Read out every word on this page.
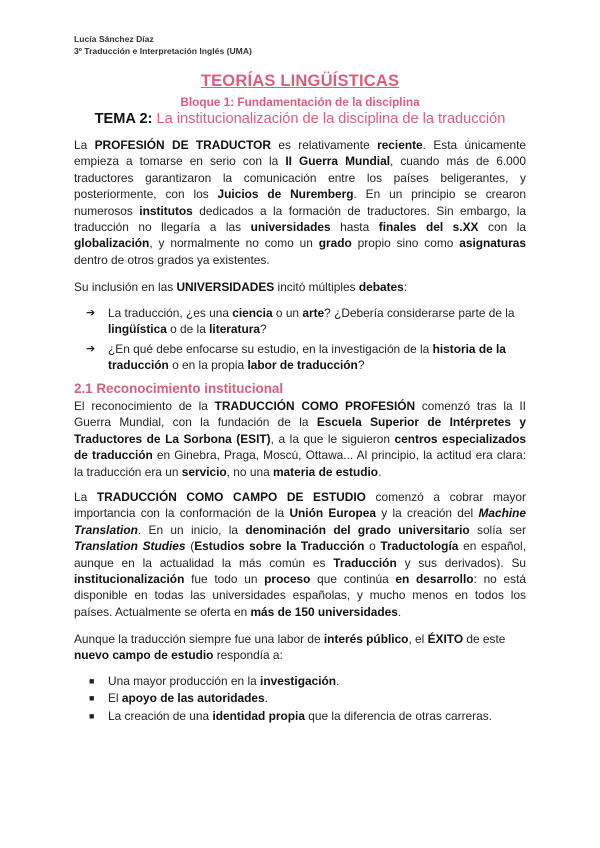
Lucía Sánchez Díaz
3º Traducción e Interpretación Inglés (UMA)
TEORÍAS LINGÜÍSTICAS
Bloque 1: Fundamentación de la disciplina
TEMA 2: La institucionalización de la disciplina de la traducción
La PROFESIÓN DE TRADUCTOR es relativamente reciente. Esta únicamente empieza a tomarse en serio con la II Guerra Mundial, cuando más de 6.000 traductores garantizaron la comunicación entre los países beligerantes, y posteriormente, con los Juicios de Nuremberg. En un principio se crearon numerosos institutos dedicados a la formación de traductores. Sin embargo, la traducción no llegaría a las universidades hasta finales del s.XX con la globalización, y normalmente no como un grado propio sino como asignaturas dentro de otros grados ya existentes.
Su inclusión en las UNIVERSIDADES incitó múltiples debates:
➔ La traducción, ¿es una ciencia o un arte? ¿Debería considerarse parte de la lingüística o de la literatura?
➔ ¿En qué debe enfocarse su estudio, en la investigación de la historia de la traducción o en la propia labor de traducción?
2.1 Reconocimiento institucional
El reconocimiento de la TRADUCCIÓN COMO PROFESIÓN comenzó tras la II Guerra Mundial, con la fundación de la Escuela Superior de Intérpretes y Traductores de La Sorbona (ESIT), a la que le siguieron centros especializados de traducción en Ginebra, Praga, Moscú, Ottawa... Al principio, la actitud era clara: la traducción era un servicio, no una materia de estudio.
La TRADUCCIÓN COMO CAMPO DE ESTUDIO comenzó a cobrar mayor importancia con la conformación de la Unión Europea y la creación del Machine Translation. En un inicio, la denominación del grado universitario solía ser Translation Studies (Estudios sobre la Traducción o Traductología en español, aunque en la actualidad la más común es Traducción y sus derivados). Su institucionalización fue todo un proceso que continúa en desarrollo: no está disponible en todas las universidades españolas, y mucho menos en todos los países. Actualmente se oferta en más de 150 universidades.
Aunque la traducción siempre fue una labor de interés público, el ÉXITO de este nuevo campo de estudio respondía a:
■ Una mayor producción en la investigación.
■ El apoyo de las autoridades.
■ La creación de una identidad propia que la diferencia de otras carreras.
